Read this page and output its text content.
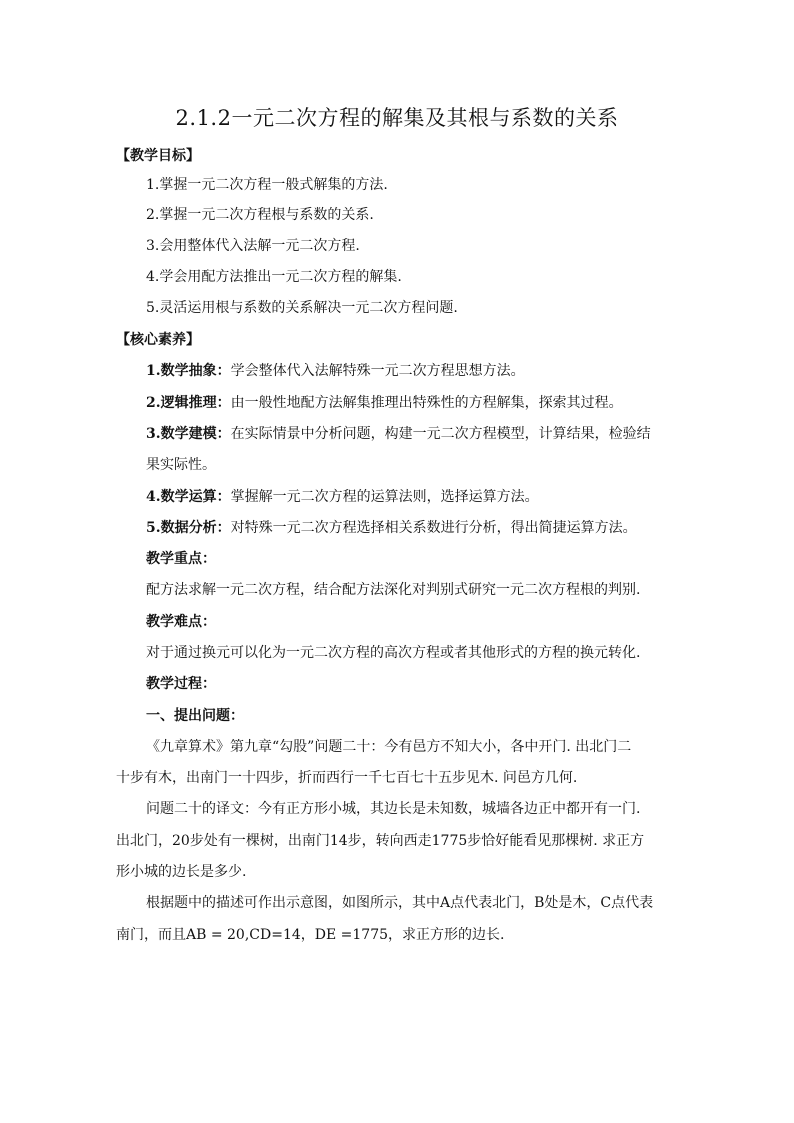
2.1.2一元二次方程的解集及其根与系数的关系
【教学目标】
1.掌握一元二次方程一般式解集的方法.
2.掌握一元二次方程根与系数的关系.
3.会用整体代入法解一元二次方程.
4.学会用配方法推出一元二次方程的解集.
5.灵活运用根与系数的关系解决一元二次方程问题.
【核心素养】
1.数学抽象：学会整体代入法解特殊一元二次方程思想方法。
2.逻辑推理：由一般性地配方法解集推理出特殊性的方程解集，探索其过程。
3.数学建模：在实际情景中分析问题，构建一元二次方程模型，计算结果，检验结
果实际性。
4.数学运算：掌握解一元二次方程的运算法则，选择运算方法。
5.数据分析：对特殊一元二次方程选择相关系数进行分析，得出简捷运算方法。
教学重点：
配方法求解一元二次方程，结合配方法深化对判别式研究一元二次方程根的判别.
教学难点：
对于通过换元可以化为一元二次方程的高次方程或者其他形式的方程的换元转化.
教学过程：
一、提出问题：
《九章算术》第九章“勾股”问题二十：今有邑方不知大小，各中开门. 出北门二
十步有木，出南门一十四步，折而西行一千七百七十五步见木. 问邑方几何.
问题二十的译文：今有正方形小城，其边长是未知数，城墙各边正中都开有一门.
出北门，20步处有一棵树，出南门14步，转向西走1775步恰好能看见那棵树. 求正方
形小城的边长是多少.
根据题中的描述可作出示意图，如图所示，其中A点代表北门，B处是木，C点代表
南门，而且AB = 20,CD=14，DE =1775，求正方形的边长.
